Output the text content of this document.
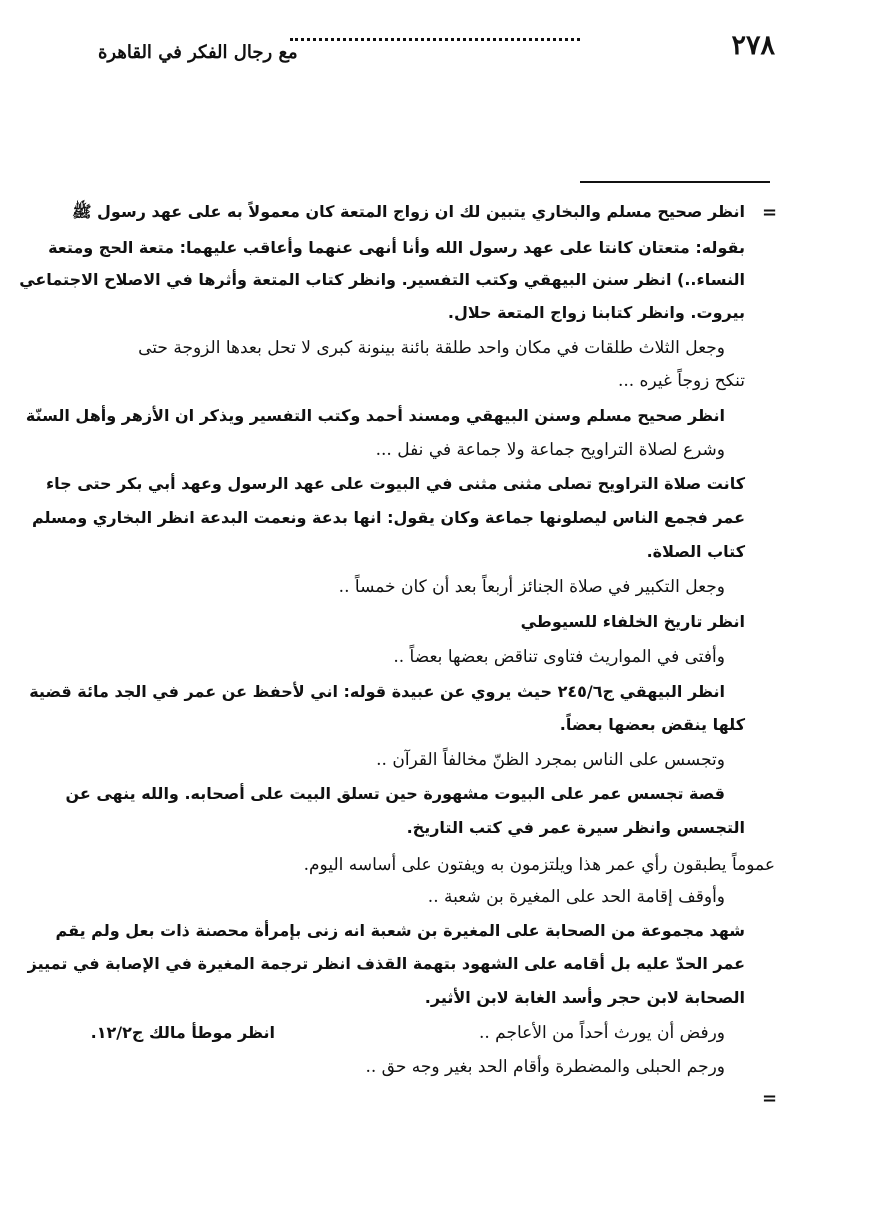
٢٧٨
مع رجال الفكر في القاهرة
=
انظر صحيح مسلم والبخاري يتبين لك ان زواج المتعة كان معمولاً به على عهد رسول ﷺ
بقوله: متعتان كانتا على عهد رسول الله وأنا أنهى عنهما وأعاقب عليهما: متعة الحج ومتعة
النساء..) انظر سنن البيهقي وكتب التفسير. وانظر كتاب المتعة وأثرها في الاصلاح الاجتماعي
بيروت. وانظر كتابنا زواج المتعة حلال.
وجعل الثلاث طلقات في مكان واحد طلقة بائنة بينونة كبرى لا تحل بعدها الزوجة حتى
تنكح زوجاً غيره ...
انظر صحيح مسلم وسنن البيهقي ومسند أحمد وكتب التفسير ويذكر ان الأزهر وأهل السنّة
وشرع لصلاة التراويح جماعة ولا جماعة في نفل ...
كانت صلاة التراويح تصلى مثنى مثنى في البيوت على عهد الرسول وعهد أبي بكر حتى جاء
عمر فجمع الناس ليصلونها جماعة وكان يقول: انها بدعة ونعمت البدعة انظر البخاري ومسلم
كتاب الصلاة.
وجعل التكبير في صلاة الجنائز أربعاً بعد أن كان خمساً ..
انظر تاريخ الخلفاء للسيوطي
وأفتى في المواريث فتاوى تناقض بعضها بعضاً ..
انظر البيهقي ج٢٤٥/٦ حيث يروي عن عبيدة قوله: اني لأحفظ عن عمر في الجد مائة قضية
كلها ينقض بعضها بعضاً.
وتجسس على الناس بمجرد الظنّ مخالفاً القرآن ..
قصة تجسس عمر على البيوت مشهورة حين تسلق البيت على أصحابه. والله ينهى عن
التجسس وانظر سيرة عمر في كتب التاريخ.
عموماً يطبقون رأي عمر هذا ويلتزمون به ويفتون على أساسه اليوم.
وأوقف إقامة الحد على المغيرة بن شعبة ..
شهد مجموعة من الصحابة على المغيرة بن شعبة انه زنى بإمرأة محصنة ذات بعل ولم يقم
عمر الحدّ عليه بل أقامه على الشهود بتهمة القذف انظر ترجمة المغيرة في الإصابة في تمييز
الصحابة لابن حجر وأسد الغابة لابن الأثير.
ورفض أن يورث أحداً من الأعاجم ..
انظر موطأ مالك ج١٢/٢.
ورجم الحبلى والمضطرة وأقام الحد بغير وجه حق ..
=
